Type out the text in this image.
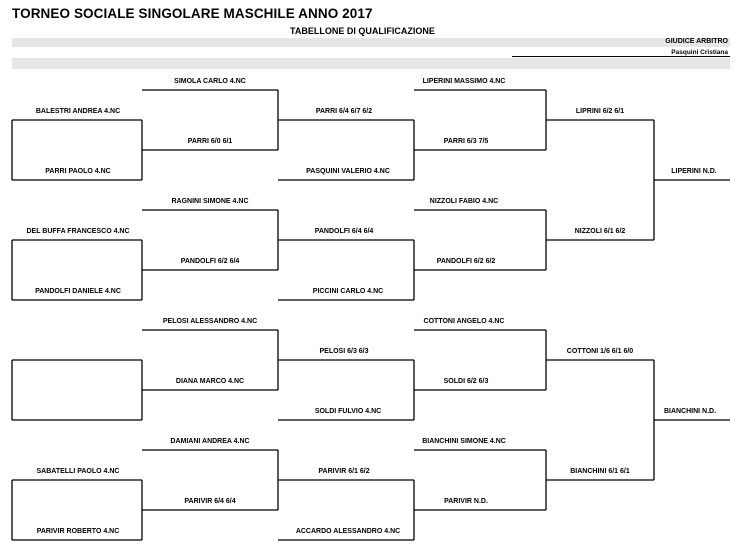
TORNEO SOCIALE SINGOLARE MASCHILE ANNO 2017
TABELLONE DI QUALIFICAZIONE
GIUDICE ARBITRO
Pasquini Cristiana
SIMOLA CARLO 4.NC
BALESTRI ANDREA 4.NC
PARRI PAOLO 4.NC
RAGNINI SIMONE 4.NC
DEL BUFFA FRANCESCO 4.NC
PANDOLFI DANIELE 4.NC
PELOSI ALESSANDRO 4.NC
SABATELLI PAOLO 4.NC
PARIVIR ROBERTO 4.NC
DAMIANI ANDREA 4.NC
PARRI 6/0 6/1
PANDOLFI 6/2 6/4
DIANA MARCO 4.NC
PARIVIR 6/4 6/4
PARRI 6/4 6/7 6/2
PASQUINI VALERIO 4.NC
PANDOLFI 6/4 6/4
PICCINI CARLO 4.NC
PELOSI 6/3 6/3
SOLDI FULVIO 4.NC
PARIVIR 6/1 6/2
ACCARDO ALESSANDRO 4.NC
LIPERINI MASSIMO 4.NC
PARRI 6/3 7/5
NIZZOLI FABIO 4.NC
PANDOLFI 6/2 6/2
COTTONI ANGELO 4.NC
SOLDI 6/2 6/3
BIANCHINI SIMONE 4.NC
PARIVIR N.D.
LIPRINI 6/2 6/1
NIZZOLI 6/1 6/2
COTTONI 1/6 6/1 6/0
BIANCHINI 6/1 6/1
LIPERINI N.D.
BIANCHINI N.D.
